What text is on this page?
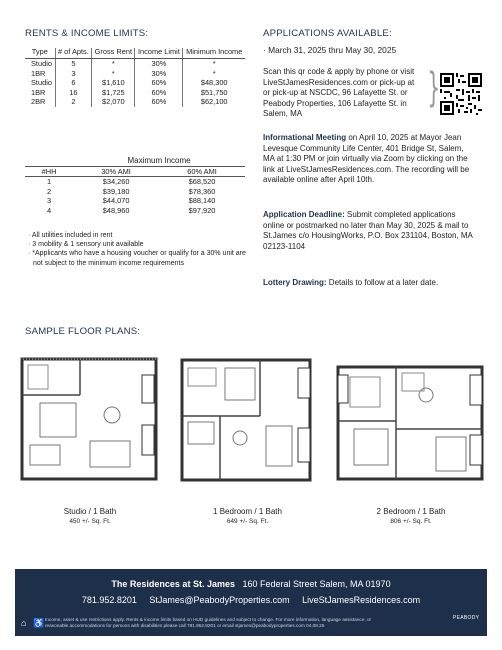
RENTS & INCOME LIMITS:
Type	# of Apts.	Gross Rent	Income Limit	Minimum Income
Studio	5	*	30%	*
1BR	3	*	30%	*
Studio	6	$1,610	60%	$48,300
1BR	16	$1,725	60%	$51,750
2BR	2	$2,070	60%	$62,100
	Maximum Income	
#HH	30% AMI	60% AMI
1	$34,260	$68,520
2	$39,180	$78,360
3	$44,070	$88,140
4	$48,960	$97,920
· All utilities included in rent
· 3 mobility & 1 sensory unit available
· *Applicants who have a housing voucher or qualify for a 30% unit are not subject to the minimum income requirements
APPLICATIONS AVAILABLE:
· March 31, 2025 thru May 30, 2025
Scan this qr code & apply by phone or visit LiveStJamesResidences.com or pick-up at or pick-up at NSCDC, 96 Lafayette St. or Peabody Properties, 106 Lafayette St. in Salem, MA
}
Informational Meeting on April 10, 2025 at Mayor Jean Levesque Community Life Center, 401 Bridge St, Salem, MA at 1:30 PM or join virtually via Zoom by clicking on the link at LiveStJamesResidences.com. The recording will be available online after April 10th.
Application Deadline: Submit completed applications online or postmarked no later than May 30, 2025 & mail to St.James c/o HousingWorks, P.O. Box 231104, Boston, MA 02123-1104
Lottery Drawing: Details to follow at a later date.
SAMPLE FLOOR PLANS:
Studio / 1 Bath
450 +/- Sq. Ft.
1 Bedroom / 1 Bath
649 +/- Sq. Ft.
2 Bedroom / 1 Bath
806 +/- Sq. Ft.
The Residences at St. James 160 Federal Street Salem, MA 01970
781.952.8201 StJames@PeabodyProperties.com LiveStJamesResidences.com
⌂ ♿ Income, asset & use restrictions apply. Rents & income limits based on HUD guidelines and subject to change. For more information, language assistance, or reasonable accommodations for persons with disabilities please call 781.952.8201 or email stjames@peabodyproperties.com 04.08.25
PEABODY
